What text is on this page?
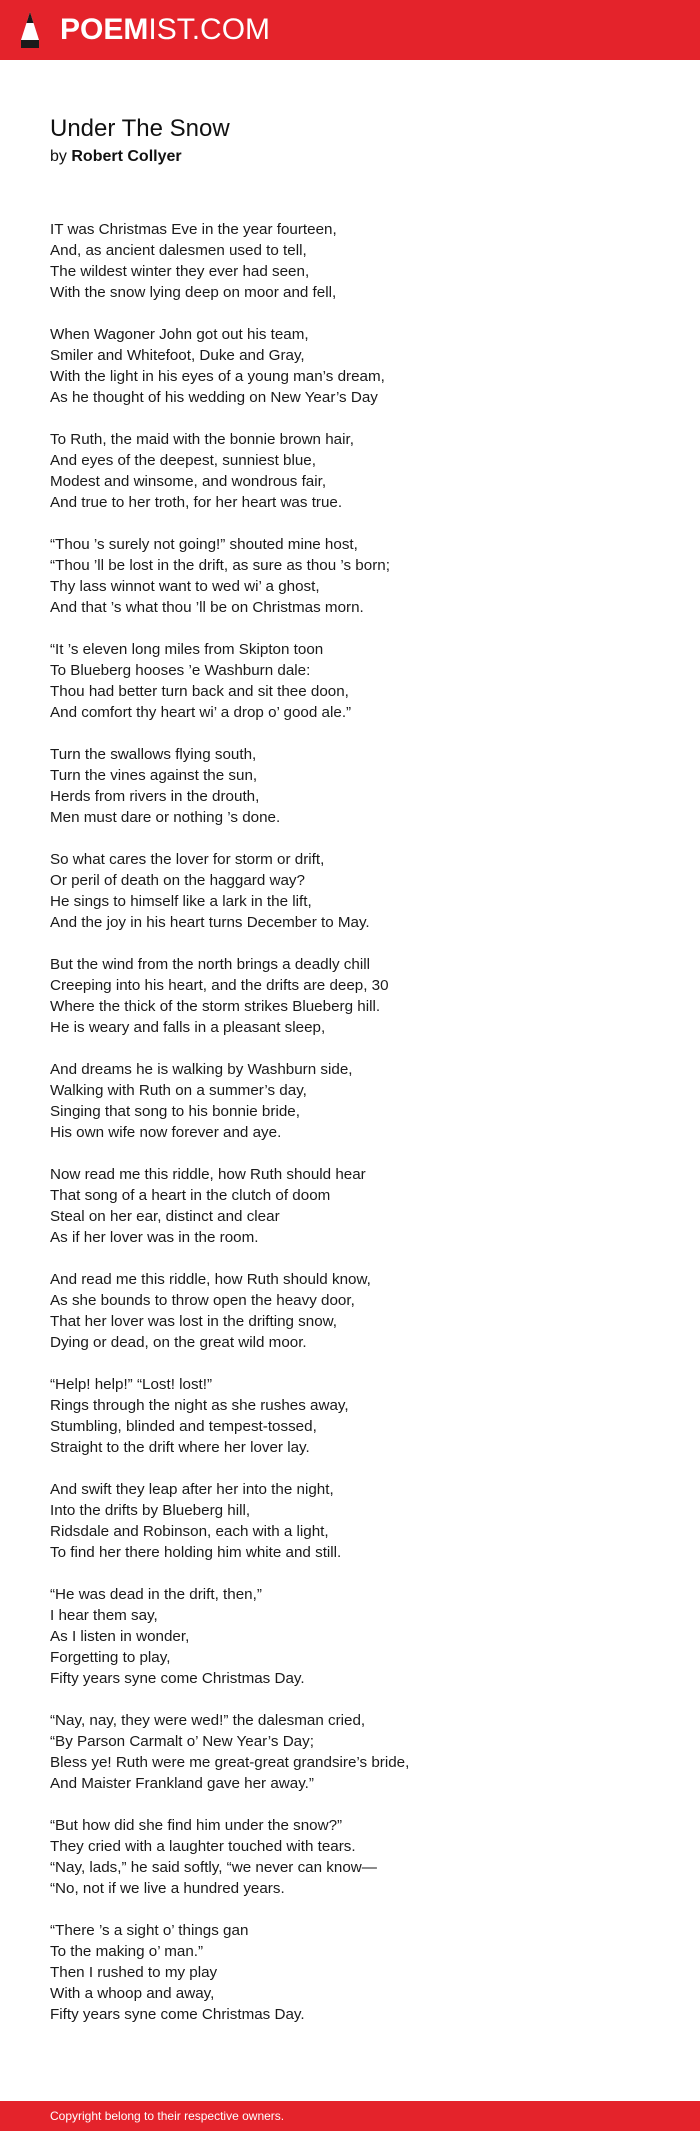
POEMIST.COM
Under The Snow
by Robert Collyer
IT was Christmas Eve in the year fourteen,
And, as ancient dalesmen used to tell,
The wildest winter they ever had seen,
With the snow lying deep on moor and fell,
When Wagoner John got out his team,
Smiler and Whitefoot, Duke and Gray,
With the light in his eyes of a young man’s dream,
As he thought of his wedding on New Year’s Day
To Ruth, the maid with the bonnie brown hair,
And eyes of the deepest, sunniest blue,
Modest and winsome, and wondrous fair,
And true to her troth, for her heart was true.
“Thou ’s surely not going!” shouted mine host,
“Thou ’ll be lost in the drift, as sure as thou ’s born;
Thy lass winnot want to wed wi’ a ghost,
And that ’s what thou ’ll be on Christmas morn.
“It ’s eleven long miles from Skipton toon
To Blueberg hooses ’e Washburn dale:
Thou had better turn back and sit thee doon,
And comfort thy heart wi’ a drop o’ good ale.”
Turn the swallows flying south,
Turn the vines against the sun,
Herds from rivers in the drouth,
Men must dare or nothing ’s done.
So what cares the lover for storm or drift,
Or peril of death on the haggard way?
He sings to himself like a lark in the lift,
And the joy in his heart turns December to May.
But the wind from the north brings a deadly chill
Creeping into his heart, and the drifts are deep, 30
Where the thick of the storm strikes Blueberg hill.
He is weary and falls in a pleasant sleep,
And dreams he is walking by Washburn side,
Walking with Ruth on a summer’s day,
Singing that song to his bonnie bride,
His own wife now forever and aye.
Now read me this riddle, how Ruth should hear
That song of a heart in the clutch of doom
Steal on her ear, distinct and clear
As if her lover was in the room.
And read me this riddle, how Ruth should know,
As she bounds to throw open the heavy door,
That her lover was lost in the drifting snow,
Dying or dead, on the great wild moor.
“Help! help!” “Lost! lost!”
Rings through the night as she rushes away,
Stumbling, blinded and tempest-tossed,
Straight to the drift where her lover lay.
And swift they leap after her into the night,
Into the drifts by Blueberg hill,
Ridsdale and Robinson, each with a light,
To find her there holding him white and still.
“He was dead in the drift, then,”
I hear them say,
As I listen in wonder,
Forgetting to play,
Fifty years syne come Christmas Day.
“Nay, nay, they were wed!” the dalesman cried,
“By Parson Carmalt o’ New Year’s Day;
Bless ye! Ruth were me great-great grandsire’s bride,
And Maister Frankland gave her away.”
“But how did she find him under the snow?”
They cried with a laughter touched with tears.
“Nay, lads,” he said softly, “we never can know—
“No, not if we live a hundred years.
“There ’s a sight o’ things gan
To the making o’ man.”
Then I rushed to my play
With a whoop and away,
Fifty years syne come Christmas Day.
Copyright belong to their respective owners.
